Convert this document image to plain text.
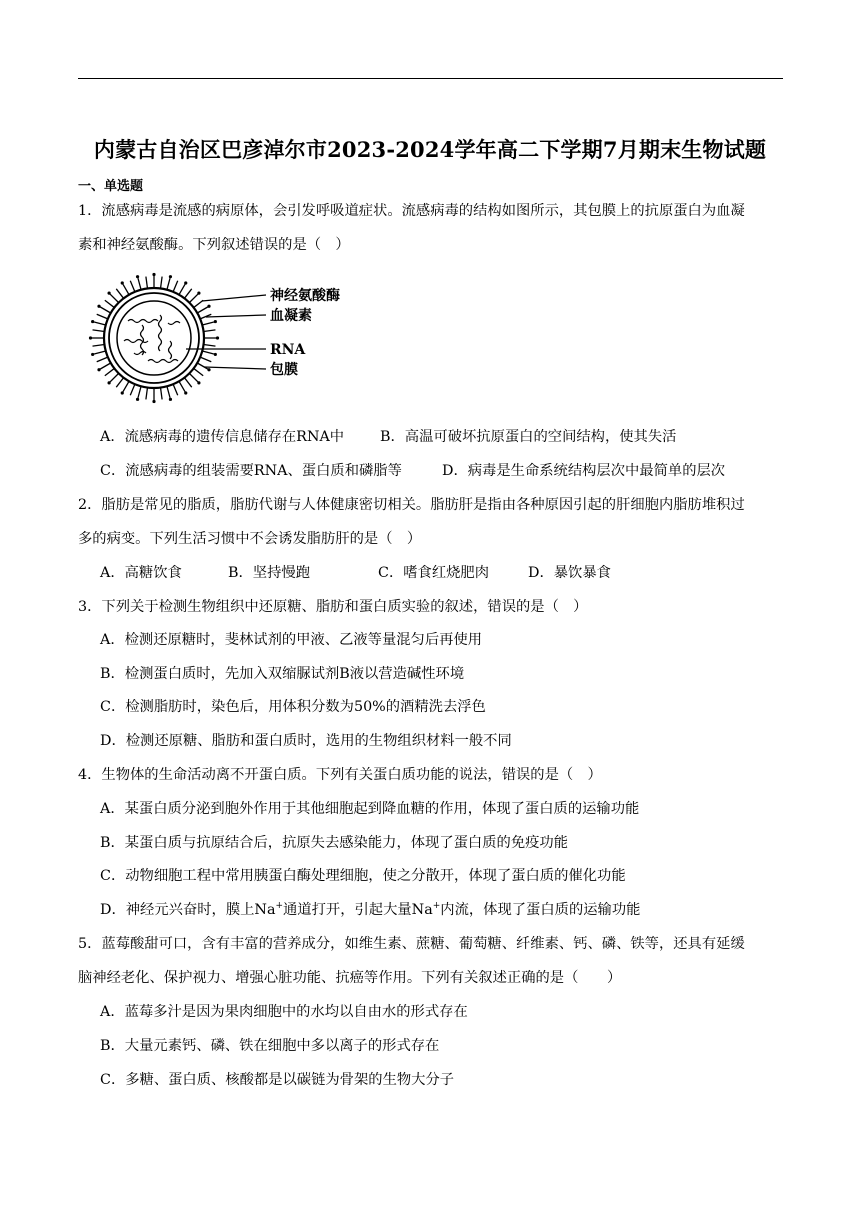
内蒙古自治区巴彦淖尔市2023-2024学年高二下学期7月期末生物试题
一、单选题
1．流感病毒是流感的病原体，会引发呼吸道症状。流感病毒的结构如图所示，其包膜上的抗原蛋白为血凝
素和神经氨酸酶。下列叙述错误的是（　）
神经氨酸酶
血凝素
RNA
包膜
A．流感病毒的遗传信息储存在RNA中	B．高温可破坏抗原蛋白的空间结构，使其失活
C．流感病毒的组装需要RNA、蛋白质和磷脂等	D．病毒是生命系统结构层次中最简单的层次
2．脂肪是常见的脂质，脂肪代谢与人体健康密切相关。脂肪肝是指由各种原因引起的肝细胞内脂肪堆积过
多的病变。下列生活习惯中不会诱发脂肪肝的是（　）
A．高糖饮食	B．坚持慢跑	C．嗜食红烧肥肉	D．暴饮暴食
3．下列关于检测生物组织中还原糖、脂肪和蛋白质实验的叙述，错误的是（　）
A．检测还原糖时，斐林试剂的甲液、乙液等量混匀后再使用
B．检测蛋白质时，先加入双缩脲试剂B液以营造碱性环境
C．检测脂肪时，染色后，用体积分数为50%的酒精洗去浮色
D．检测还原糖、脂肪和蛋白质时，选用的生物组织材料一般不同
4．生物体的生命活动离不开蛋白质。下列有关蛋白质功能的说法，错误的是（　）
A．某蛋白质分泌到胞外作用于其他细胞起到降血糖的作用，体现了蛋白质的运输功能
B．某蛋白质与抗原结合后，抗原失去感染能力，体现了蛋白质的免疫功能
C．动物细胞工程中常用胰蛋白酶处理细胞，使之分散开，体现了蛋白质的催化功能
D．神经元兴奋时，膜上Na+通道打开，引起大量Na+内流，体现了蛋白质的运输功能
5．蓝莓酸甜可口，含有丰富的营养成分，如维生素、蔗糖、葡萄糖、纤维素、钙、磷、铁等，还具有延缓
脑神经老化、保护视力、增强心脏功能、抗癌等作用。下列有关叙述正确的是（　　）
A．蓝莓多汁是因为果肉细胞中的水均以自由水的形式存在
B．大量元素钙、磷、铁在细胞中多以离子的形式存在
C．多糖、蛋白质、核酸都是以碳链为骨架的生物大分子
